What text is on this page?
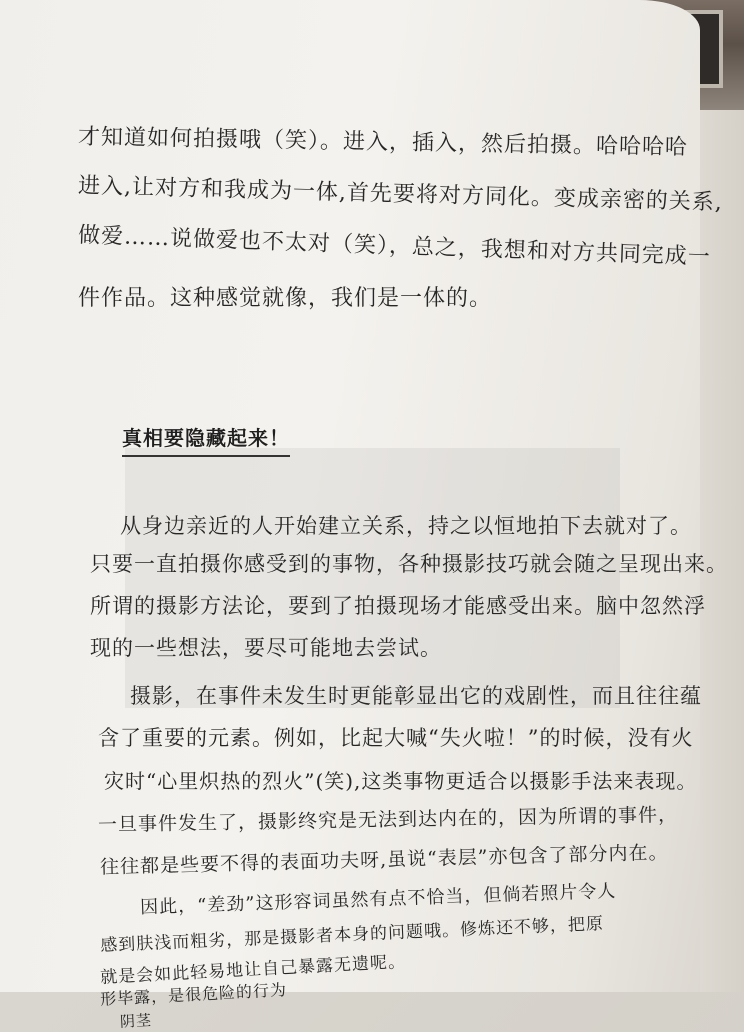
才知道如何拍摄哦（笑）。进入，插入，然后拍摄。哈哈哈哈
进入,让对方和我成为一体,首先要将对方同化。变成亲密的关系,
做爱……说做爱也不太对（笑），总之，我想和对方共同完成一
件作品。这种感觉就像，我们是一体的。
真相要隐藏起来！
从身边亲近的人开始建立关系，持之以恒地拍下去就对了。
只要一直拍摄你感受到的事物，各种摄影技巧就会随之呈现出来。
所谓的摄影方法论，要到了拍摄现场才能感受出来。脑中忽然浮
现的一些想法，要尽可能地去尝试。
摄影，在事件未发生时更能彰显出它的戏剧性，而且往往蕴
含了重要的元素。例如，比起大喊“失火啦！”的时候，没有火
灾时“心里炽热的烈火”(笑),这类事物更适合以摄影手法来表现。
一旦事件发生了，摄影终究是无法到达内在的，因为所谓的事件，
往往都是些要不得的表面功夫呀,虽说“表层”亦包含了部分内在。
因此，“差劲”这形容词虽然有点不恰当，但倘若照片令人
感到肤浅而粗劣，那是摄影者本身的问题哦。修炼还不够，把原
就是会如此轻易地让自己暴露无遗呢。
形毕露，是很危险的行为
阴茎
